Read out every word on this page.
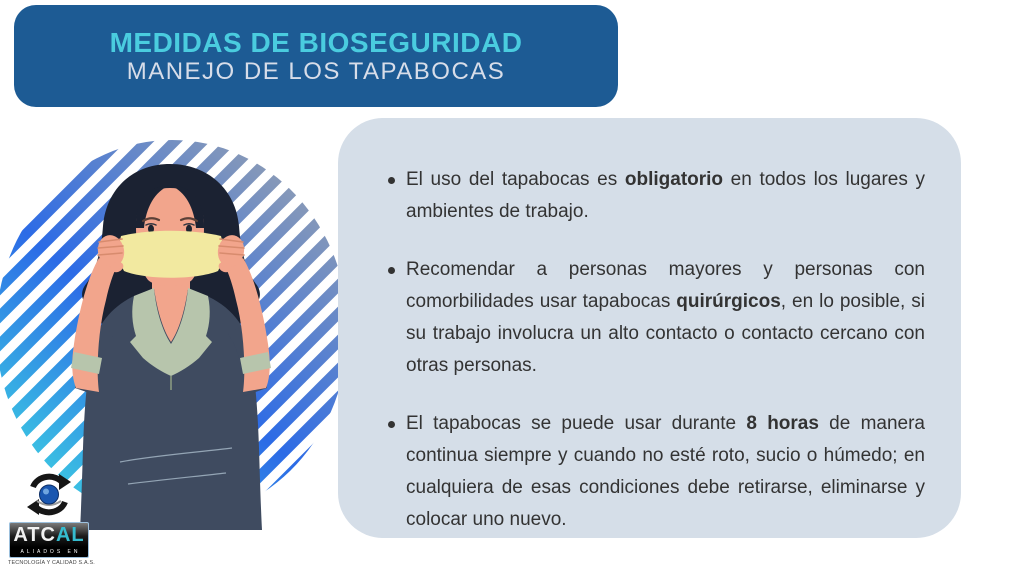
MEDIDAS DE BIOSEGURIDAD
MANEJO DE LOS TAPABOCAS
El uso del tapabocas es obligatorio en todos los lugares y ambientes de trabajo.
Recomendar a personas mayores y personas con comorbilidades usar tapabocas quirúrgicos, en lo posible, si su trabajo involucra un alto contacto o contacto cercano con otras personas.
El tapabocas se puede usar durante 8 horas de manera continua siempre y cuando no esté roto, sucio o húmedo; en cualquiera de esas condiciones debe retirarse, eliminarse y colocar uno nuevo.
ATC AL
ALIADOS EN
TECNOLOGÍA Y CALIDAD S.A.S.
